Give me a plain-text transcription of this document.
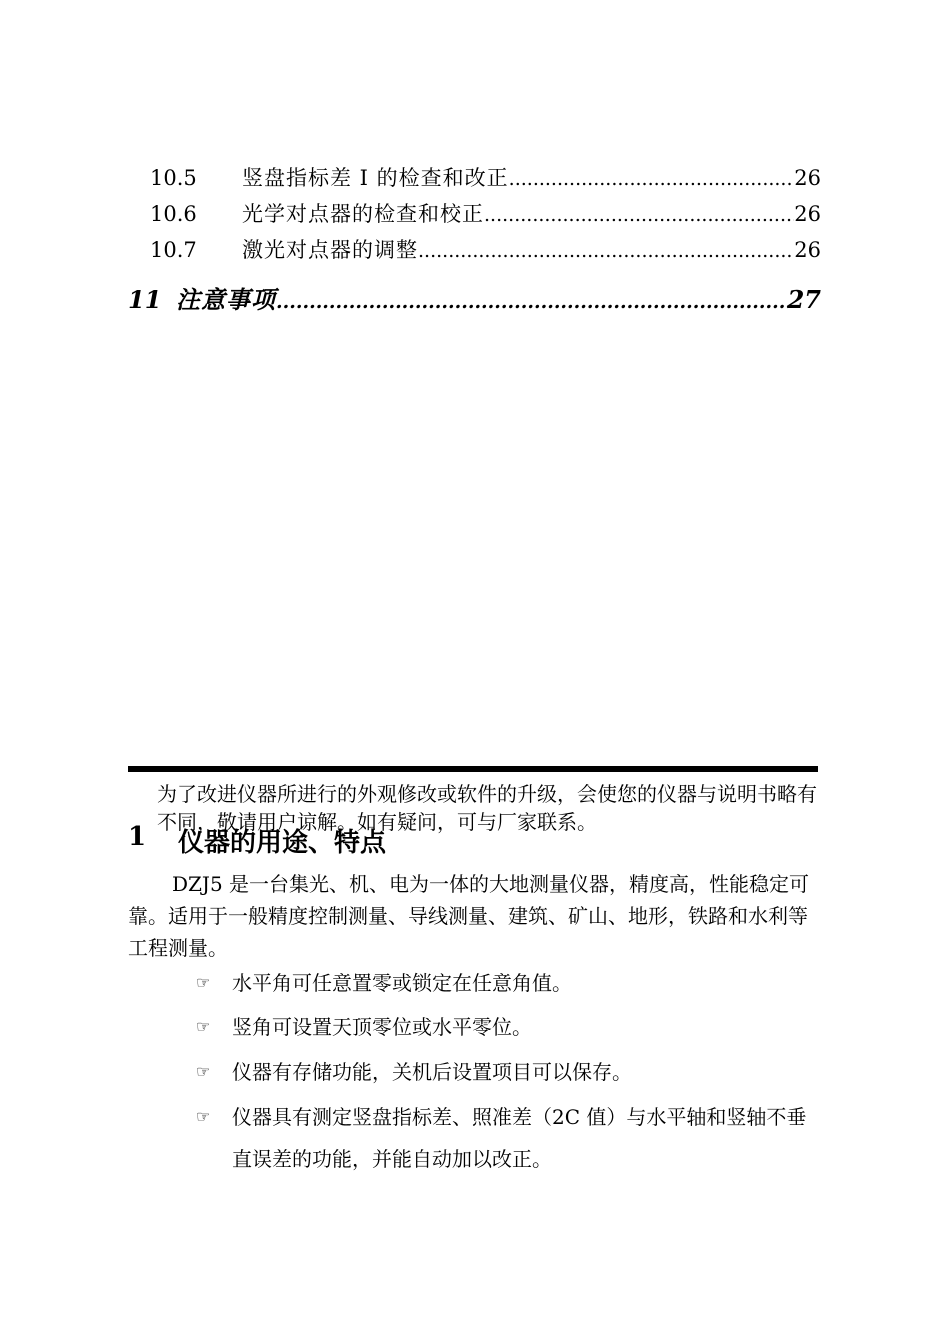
10.5	竖盘指标差 I 的检查和改正 .....	26
10.6	光学对点器的检查和校正 .....	26
10.7	激光对点器的调整 .....	26
11 注意事项 .....	27
为了改进仪器所进行的外观修改或软件的升级，会使您的仪器与说明书略有不同，敬请用户谅解。如有疑问，可与厂家联系。
1	仪器的用途、特点
DZJ5 是一台集光、机、电为一体的大地测量仪器，精度高，性能稳定可靠。适用于一般精度控制测量、导线测量、建筑、矿山、地形，铁路和水利等工程测量。
☞	水平角可任意置零或锁定在任意角值。
☞	竖角可设置天顶零位或水平零位。
☞	仪器有存储功能，关机后设置项目可以保存。
☞	仪器具有测定竖盘指标差、照准差（2C 值）与水平轴和竖轴不垂直误差的功能，并能自动加以改正。
